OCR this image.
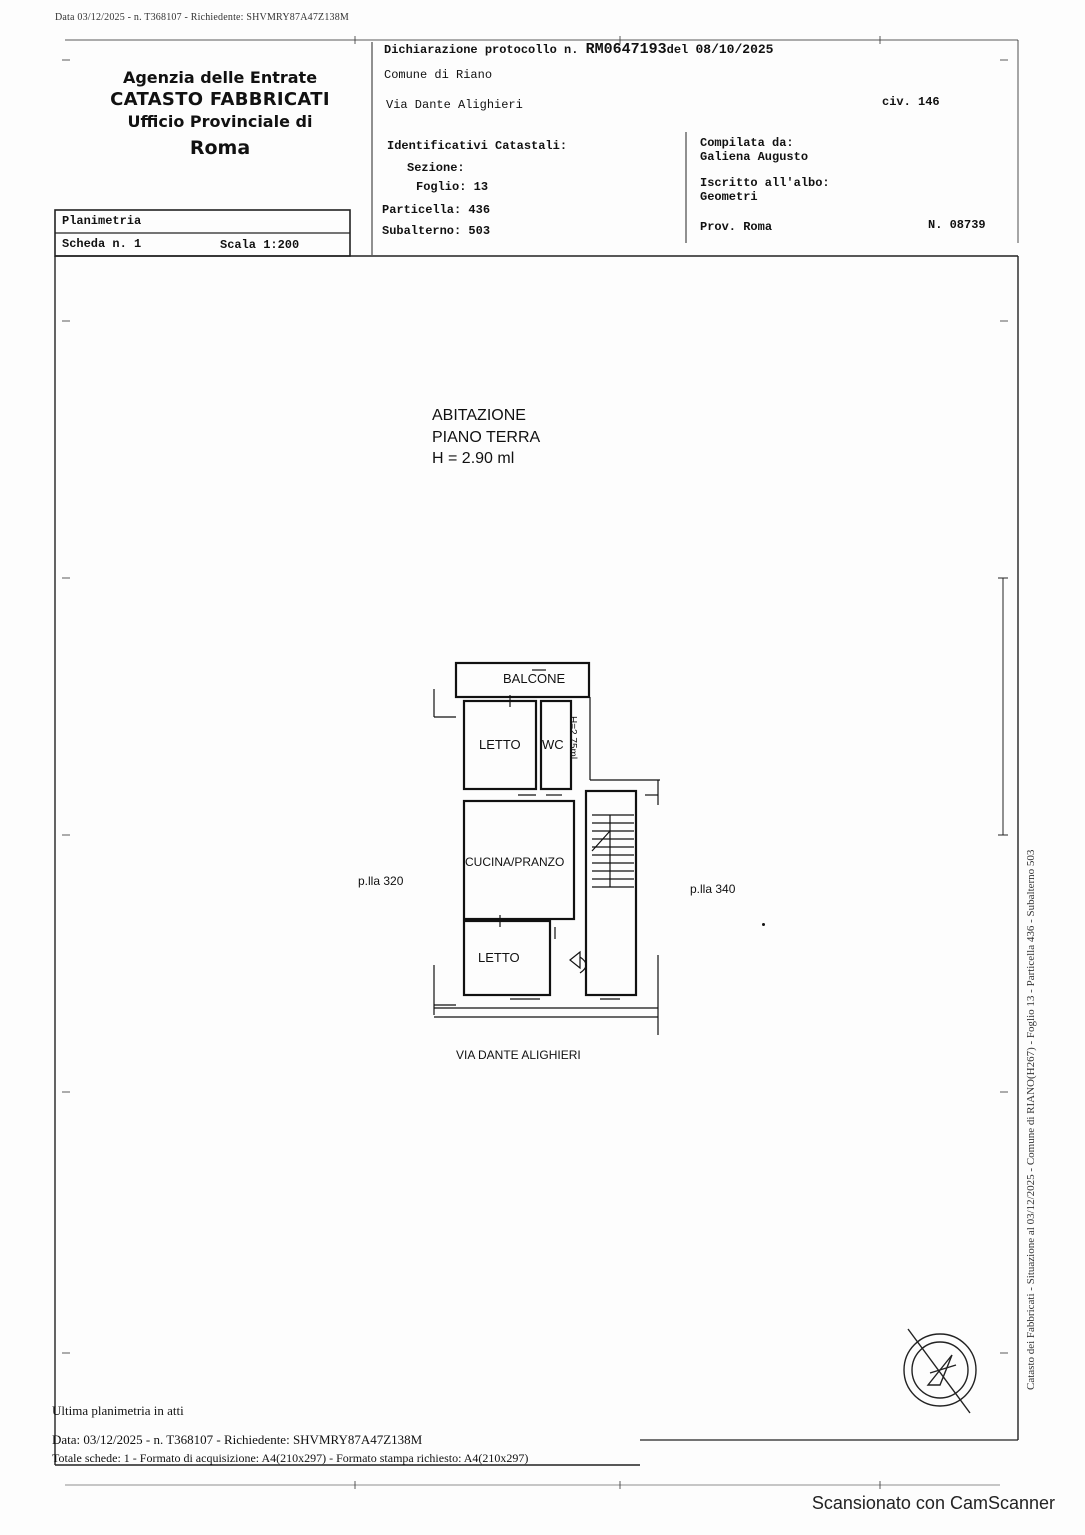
Data 03/12/2025 - n. T368107 - Richiedente: SHVMRY87A47Z138M
Agenzia delle Entrate
CATASTO FABBRICATI
Ufficio Provinciale di
Roma
Dichiarazione protocollo n. RM0647193del 08/10/2025
Comune di Riano
Via Dante Alighieri	civ. 146
Identificativi Catastali:
Sezione:
Foglio: 13
Particella: 436
Subalterno: 503
Compilata da:
Galiena Augusto
Iscritto all'albo:
Geometri
Prov. Roma	N. 08739
Planimetria
Scheda n. 1	Scala 1:200
ABITAZIONE
PIANO TERRA
H = 2.90 ml
BALCONE
LETTO WC H=2.75ml
CUCINA/PRANZO
LETTO
p.lla 320
p.lla 340
VIA DANTE ALIGHIERI	Catasto dei Fabbricati - Situazione al 03/12/2025 - Comune di RIANO(H267) - Foglio 13 - Particella 436 - Subalterno 503
Ultima planimetria in atti
Data: 03/12/2025 - n. T368107 - Richiedente: SHVMRY87A47Z138M
Totale schede: 1 - Formato di acquisizione: A4(210x297) - Formato stampa richiesto: A4(210x297)
Scansionato con CamScanner
